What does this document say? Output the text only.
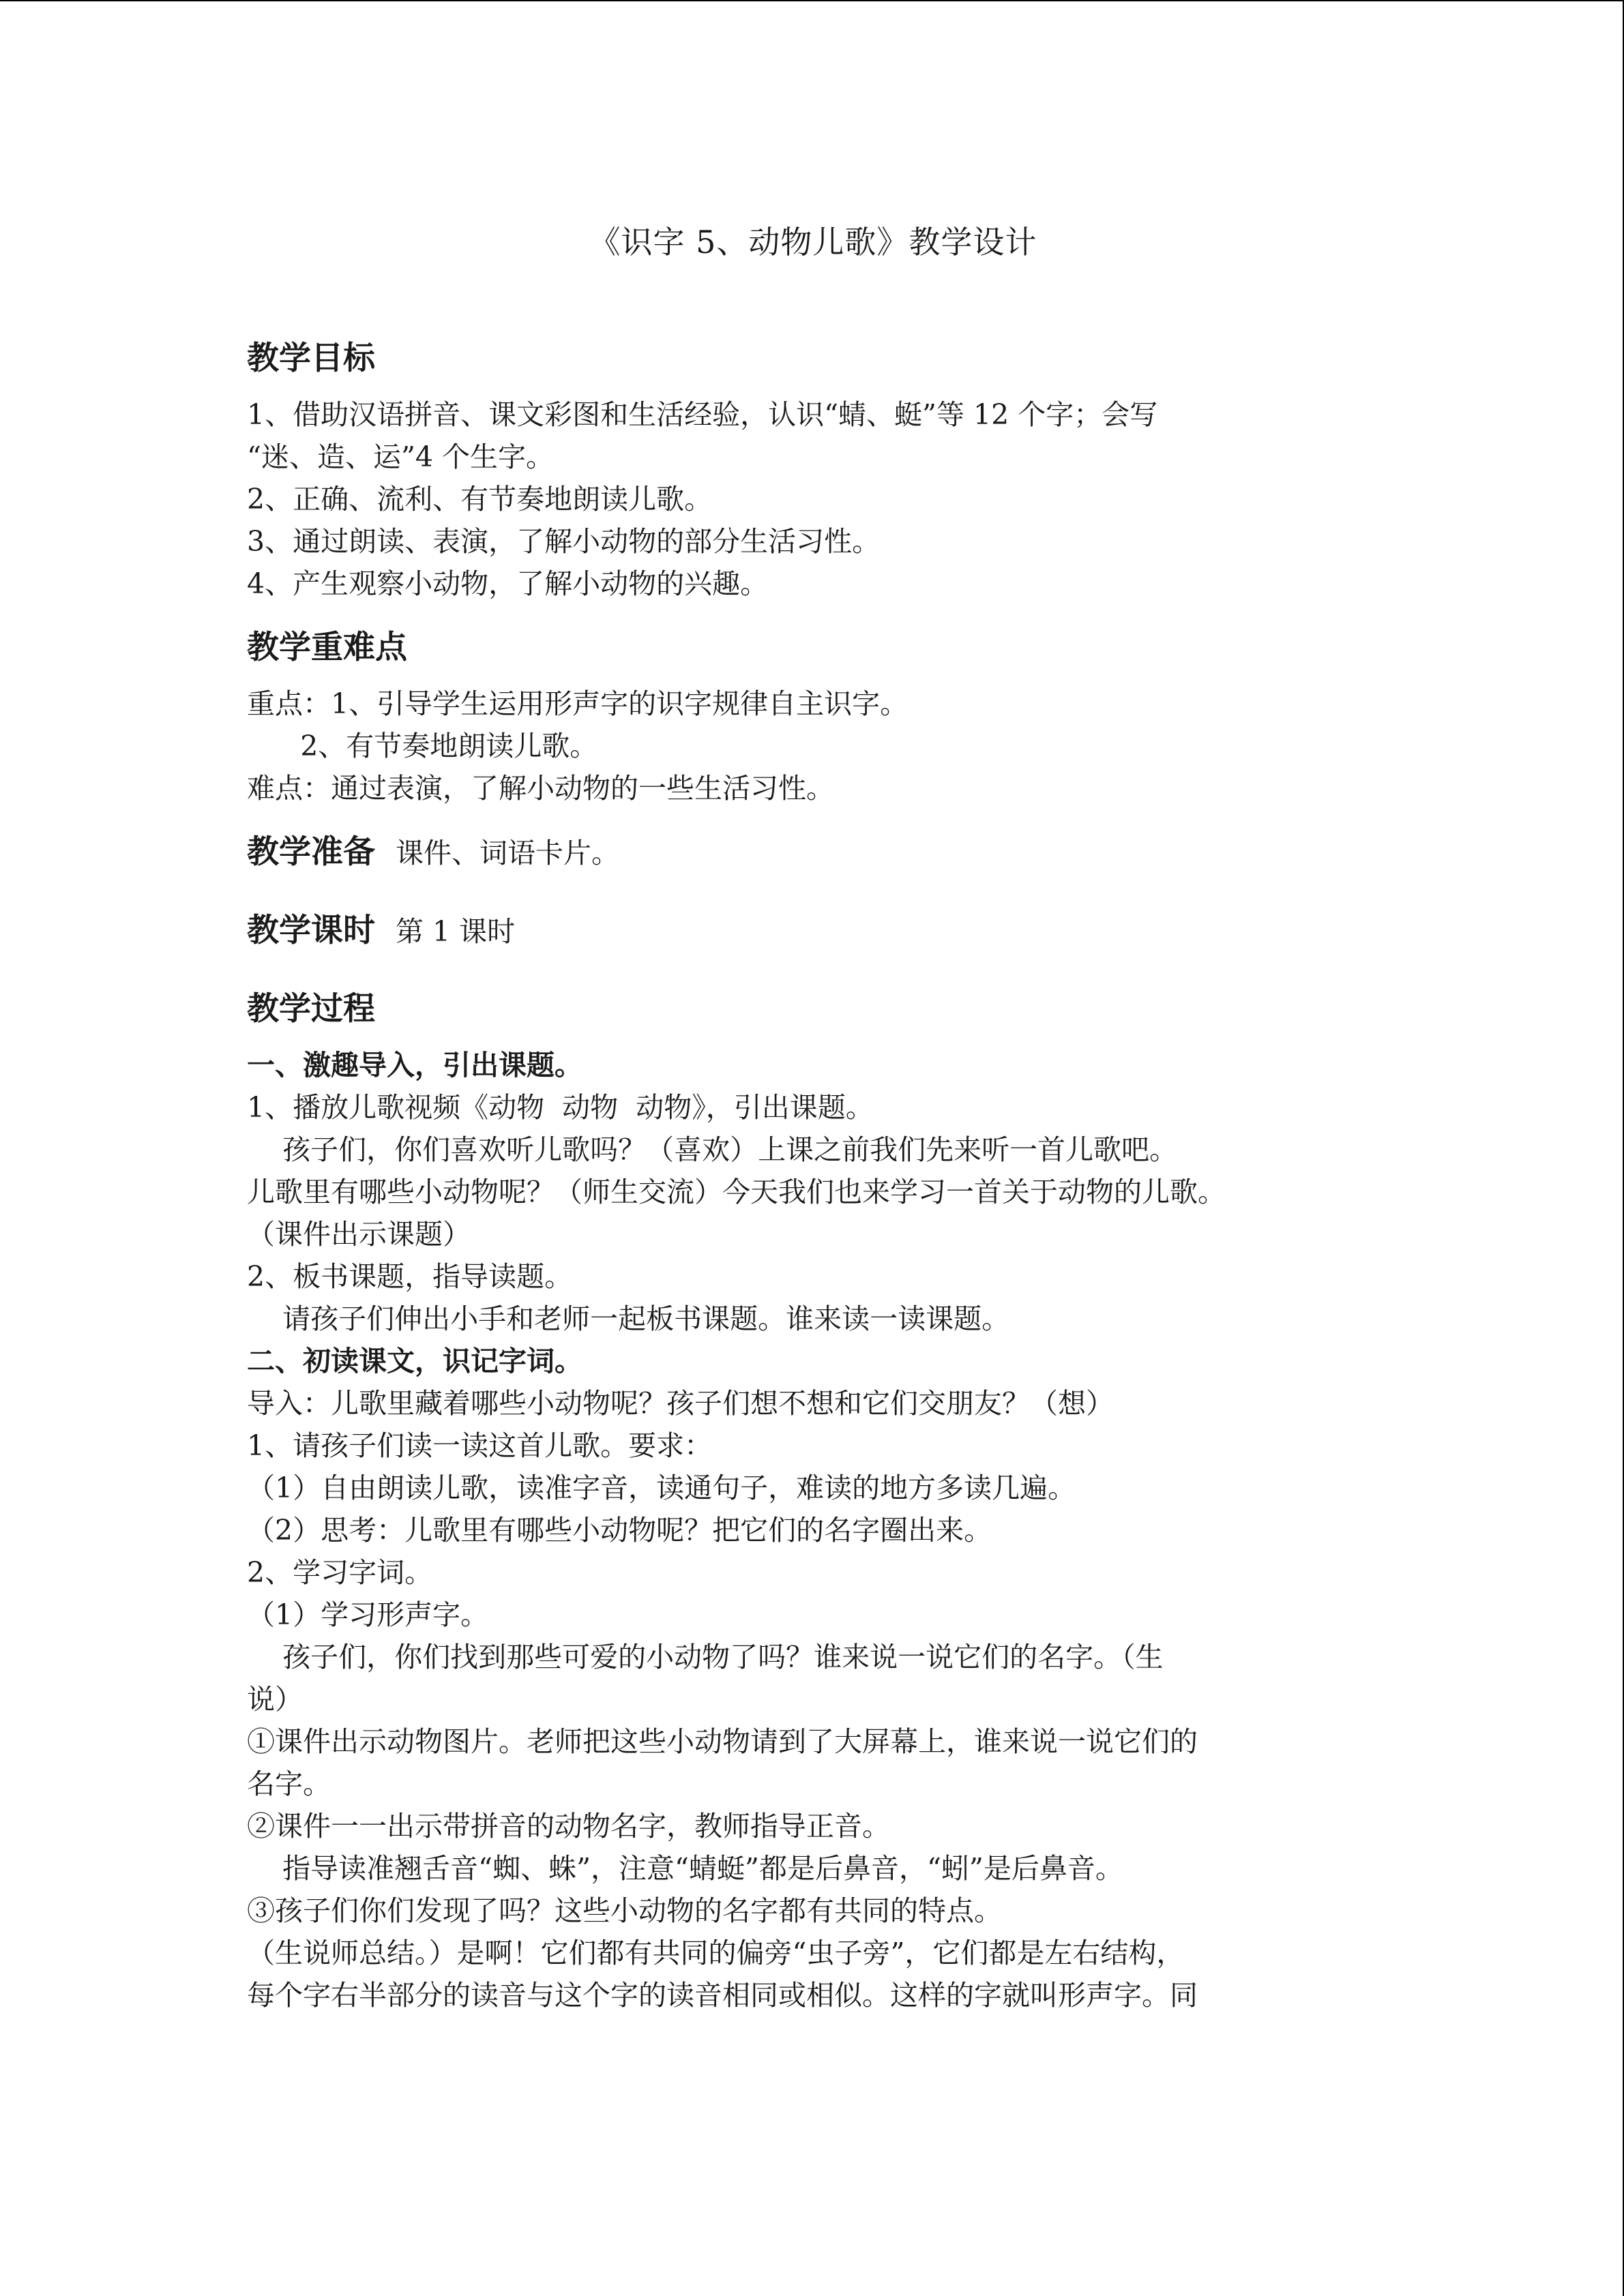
《识字 5、动物儿歌》教学设计
教学目标
1、借助汉语拼音、课文彩图和生活经验，认识“蜻、蜓”等 12 个字；会写
“迷、造、运”4 个生字。
2、正确、流利、有节奏地朗读儿歌。
3、通过朗读、表演，了解小动物的部分生活习性。
4、产生观察小动物，了解小动物的兴趣。
教学重难点
重点：1、引导学生运用形声字的识字规律自主识字。
2、有节奏地朗读儿歌。
难点：通过表演，了解小动物的一些生活习性。
教学准备 课件、词语卡片。
教学课时 第 1 课时
教学过程
一、激趣导入，引出课题。
1、播放儿歌视频《动物  动物  动物》，引出课题。
孩子们，你们喜欢听儿歌吗？（喜欢）上课之前我们先来听一首儿歌吧。
儿歌里有哪些小动物呢？（师生交流）今天我们也来学习一首关于动物的儿歌。
（课件出示课题）
2、板书课题，指导读题。
请孩子们伸出小手和老师一起板书课题。谁来读一读课题。
二、初读课文，识记字词。
导入：儿歌里藏着哪些小动物呢？孩子们想不想和它们交朋友？（想）
1、请孩子们读一读这首儿歌。要求：
（1）自由朗读儿歌，读准字音，读通句子，难读的地方多读几遍。
（2）思考：儿歌里有哪些小动物呢？把它们的名字圈出来。
2、学习字词。
（1）学习形声字。
孩子们，你们找到那些可爱的小动物了吗？谁来说一说它们的名字。（生
说）
①课件出示动物图片。老师把这些小动物请到了大屏幕上，谁来说一说它们的
名字。
②课件一一出示带拼音的动物名字，教师指导正音。
指导读准翘舌音“蜘、蛛”，注意“蜻蜓”都是后鼻音，“蚓”是后鼻音。
③孩子们你们发现了吗？这些小动物的名字都有共同的特点。
（生说师总结。）是啊！它们都有共同的偏旁“虫子旁”，它们都是左右结构，
每个字右半部分的读音与这个字的读音相同或相似。这样的字就叫形声字。同
